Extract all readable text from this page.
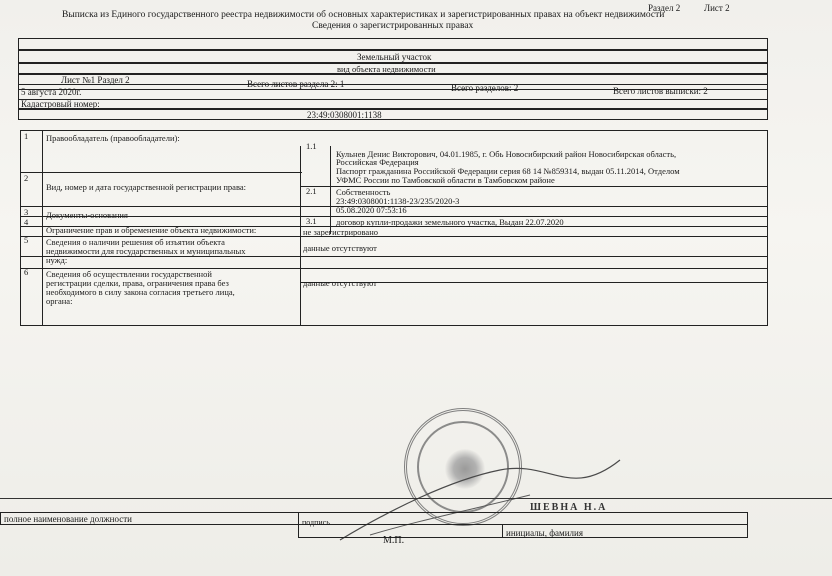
Раздел 2	Лист 2
Выписка из Единого государственного реестра недвижимости об основных характеристиках и зарегистрированных правах на объект недвижимости
Сведения о зарегистрированных правах
Земельный участок
вид объекта недвижимости
Лист №1 Раздел 2	Всего листов раздела 2: 1	Всего разделов: 2	Всего листов выписки: 2
5 августа 2020г.
Кадастровый номер:
23:49:0308001:1138
1 Правообладатель (правообладатели):
1.1
Кульнев Денис Викторович, 04.01.1985, г. Обь Новосибирский район Новосибирская область,
Российская Федерация
Паспорт гражданина Российской Федерации серия 68 14 №859314, выдан 05.11.2014, Отделом
УФМС России по Тамбовской области в Тамбовском районе
2
Вид, номер и дата государственной регистрации права:	2.1 Собственность
23:49:0308001:1138-23/235/2020-3
05.08.2020 07:53:16
3 Документы-основания
3.1 договор купли-продажи земельного участка, Выдан 22.07.2020
4
Ограничение прав и обременение объекта недвижимости:	не зарегистрировано
5 Сведения о наличии решения об изъятии объекта
недвижимости для государственных и муниципальных
нужд:
данные отсутствуют
6 Сведения об осуществлении государственной
регистрации сделки, права, ограничения права без
необходимого в силу закона согласия третьего лица,
органа:
данные отсутствуют
ШЕВНА Н.А
полное наименование должности	подпись
инициалы, фамилия
М.П.
